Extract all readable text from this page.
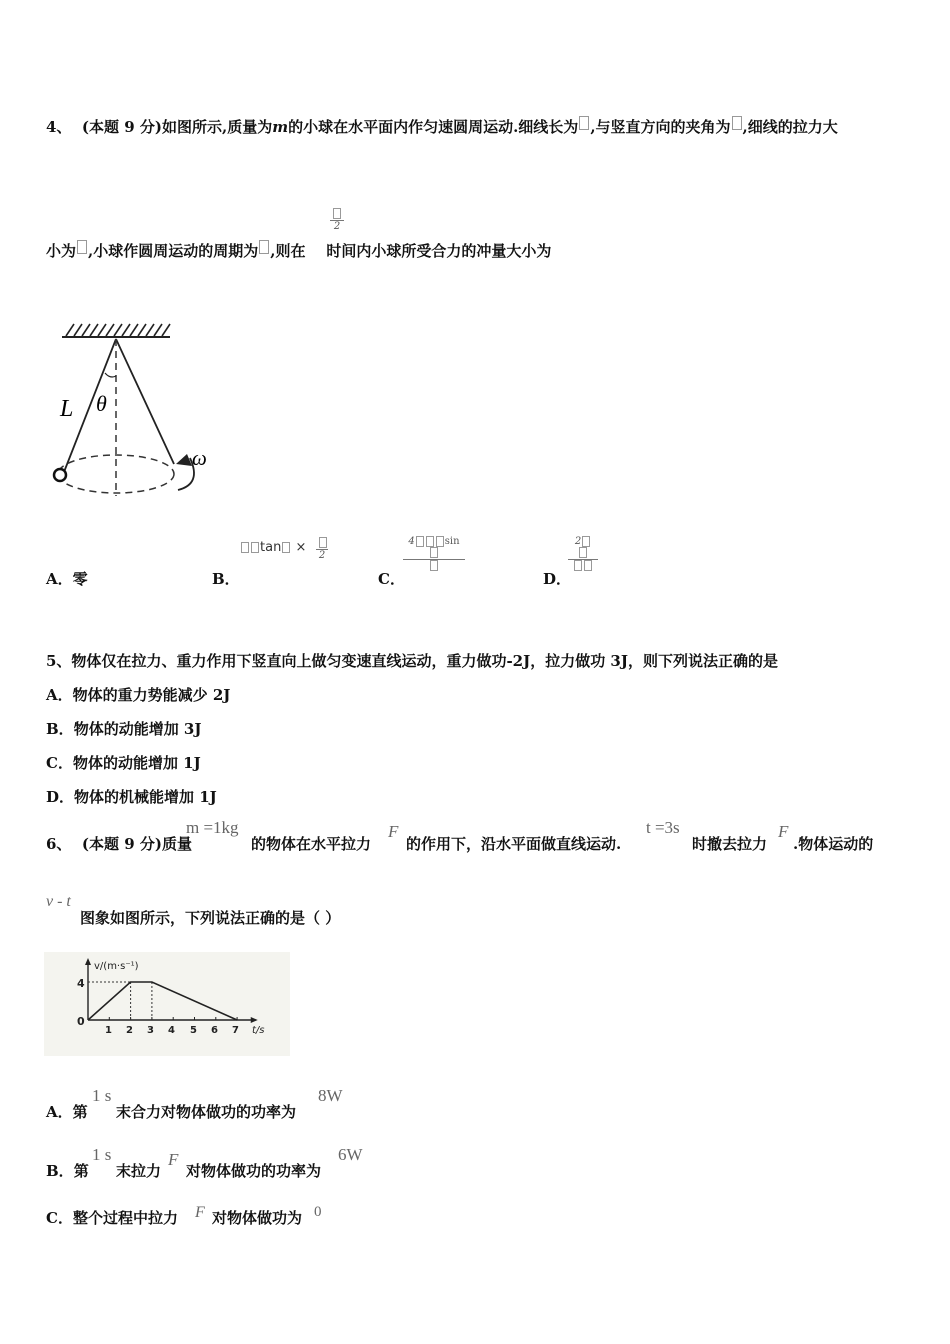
4、 (本题 9 分)如图所示,质量为m的小球在水平面内作匀速圆周运动.细线长为 ,与竖直方向的夹角为 ,细线的拉力大
2
小为 ,小球作圆周运动的周期为 ,则在 时间内小球所受合力的冲量大小为
L θ
ω
A．零	B．
tan ×
2
C．
4	sin
D．
2
5、物体仅在拉力、重力作用下竖直向上做匀变速直线运动，重力做功-2J，拉力做功 3J，则下列说法正确的是
A．物体的重力势能减少 2J
B．物体的动能增加 3J
C．物体的动能增加 1J
D．物体的机械能增加 1J
6、 (本题 9 分)质量
m =1kg
的物体在水平拉力
F
的作用下，沿水平面做直线运动.
t =3s
时撤去拉力
F
.物体运动的
v - t
图象如图所示，下列说法正确的是（ ）
v/(m·s⁻¹)
t/s
4
0
1 2 3 4 5 6 7
A．第
1 s
末合力对物体做功的功率为
8W
B．第
1 s
末拉力
F
对物体做功的功率为
6W
C．整个过程中拉力 F 对物体做功为 0
